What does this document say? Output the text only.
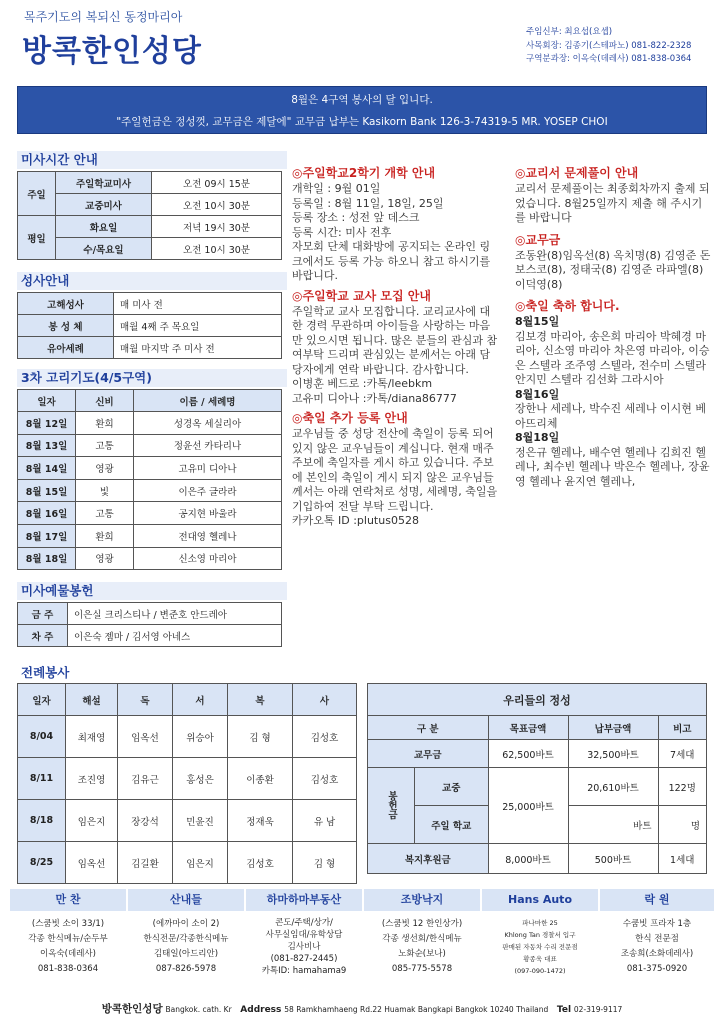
목주기도의 복되신 동정마리아
방콕한인성당
주임신부: 최요섭(요셉)
사목회장: 김종기(스테파노) 081-822-2328
구역분과장: 이옥숙(데레사) 081-838-0364
8월은 4구역 봉사의 달 입니다.
"주일헌금은 정성껏, 교무금은 제달에" 교무금 납부는 Kasikorn Bank 126-3-74319-5 MR. YOSEP CHOI
미사시간 안내
주일	주일학교미사	오전 09시 15분
	교중미사	오전 10시 30분
평일	화요일	저녁 19시 30분
	수/목요일	오전 10시 30분
성사안내
고해성사	매 미사 전
봉 성 체	매월 4째 주 목요일
유아세례	매월 마지막 주 미사 전
3차 고리기도(4/5구역)
일자	신비	이름 / 세례명
8월 12일	환희	성경옥 세실리아
8월 13일	고통	정윤선 카타리나
8월 14일	영광	고유미 디아나
8월 15일	빛	이은주 글라라
8월 16일	고통	공지현 바울라
8월 17일	환희	전대영 헬레나
8월 18일	영광	신소영 마리아
미사예물봉헌
금 주	이은실 크리스티나 / 변준호 안드레아
차 주	이은숙 젬마 / 김서영 아네스
◎주일학교2학기 개학 안내
개학일 : 9월 01일
등록일 : 8월 11일, 18일, 25일
등록 장소 : 성전 앞 데스크
등록 시간: 미사 전후
자모회 단체 대화방에 공지되는 온라인 링크에서도 등록 가능 하오니 참고 하시기를 바랍니다.
◎주일학교 교사 모집 안내
주일학교 교사 모집합니다. 교리교사에 대한 경력 무관하며 아이들을 사랑하는 마음 만 있으시면 됩니다. 많은 분들의 관심과 참여부탁 드리며 관심있는 분께서는 아래 담당자에게 연락 바랍니다. 감사합니다.
이병훈 베드로 :카톡/leebkm
고유미 디아나 :카톡/diana86777
◎축일 추가 등록 안내
교우님들 중 성당 전산에 축일이 등록 되어 있지 않은 교우님들이 계십니다. 현재 매주 주보에 축일자를 게시 하고 있습니다. 주보에 본인의 축일이 게시 되지 않은 교우님들께서는 아래 연락처로 성명, 세례명, 축일을 기입하여 전달 부탁 드립니다.
카카오톡 ID :plutus0528
◎교리서 문제풀이 안내
교리서 문제풀이는 최종회차까지 출제 되었습니다. 8월25일까지 제출 해 주시기를 바랍니다
◎교무금
조동완(8)임옥선(8) 옥치명(8) 김영준 돈보스코(8), 정태국(8) 김영준 라파엘(8)이덕영(8)
◎축일 축하 합니다.
8월15일
김보경 마리아, 송은희 마리아 박혜경 마리아, 신소영 마리아 차은영 마리아, 이승은 스텔라 조주영 스텔라, 전수미 스텔라 안지민 스텔라 김선화 그라시아
8월16일
장한나 세레나, 박수진 세레나 이시현 베아뜨리체
8월18일
정은규 헬레나, 배수연 헬레나 김희진 헬레나, 최수빈 헬레나 박은수 헬레나, 장윤영 헬레나 윤지연 헬레나,
전례봉사
일자	해설	독	서	복	사
8/04	최재영	임옥선	위승아	김 형	김성호
8/11	조진영	김유근	홍성은	이종환	김성호
8/18	임은지	장강석	민윤진	정재욱	유 남
8/25	임옥선	김길환	임은지	김성호	김 형
우리들의 정성				
구 분		목표금액	납부금액	비고
교무금		62,500바트	32,500바트	7세대
봉헌금	교중	25,000바트	20,610바트	122명
	주일 학교		바트	명
복지후원금		8,000바트	500바트	1세대
만 찬
(스쿰빗 소이 33/1)
각종 한식메뉴/순두부
이옥숙(데레사)
081-838-0364
산내들
(에까마이 소이 2)
한식전문/각종한식메뉴
김태일(아드리안)
087-826-5978
하마하마부동산
콘도/주택/상가/
사무실임대/유학상담
김사비나
(081-827-2445)
카톡ID: hamahama9
조방낙지
(스쿰빗 12 한인상가)
각종 생선회/한식메뉴
노화순(보나)
085-775-5578
Hans Auto
파나마한 25
Khlong Tan 경찰서 입구
판매된 자동차 수리 전문점
황종욱 대표
(097-090-1472)
락 원
수쿰빗 프라자 1층
한식 전문점
조송희(소화데레사)
081-375-0920
방콕한인성당 Bangkok. cath. Kr Address 58 Ramkhamhaeng Rd.22 Huamak Bangkapi Bangkok 10240 Thailand Tel 02-319-9117
